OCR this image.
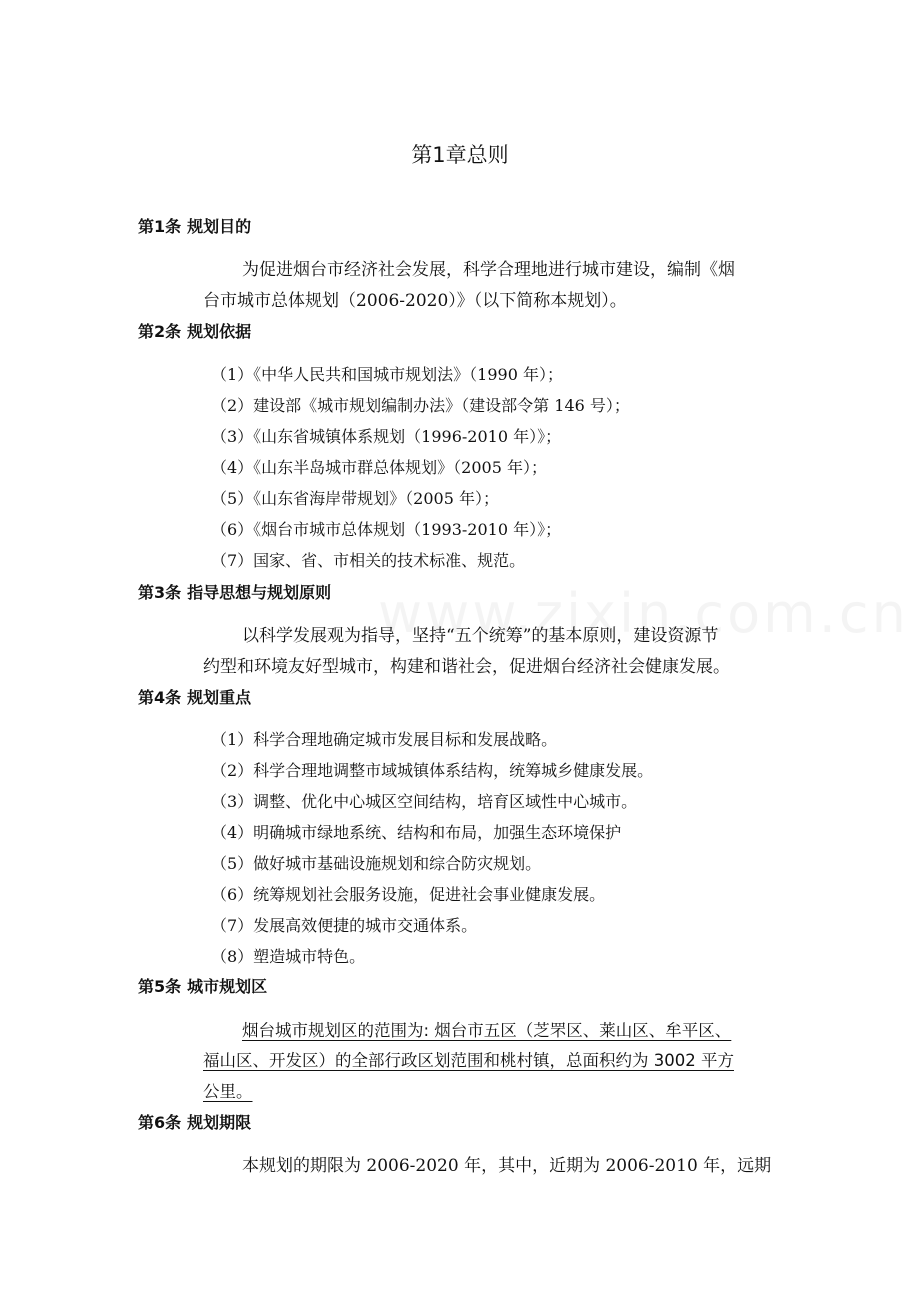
第1章总则
第1条 规划目的
为促进烟台市经济社会发展，科学合理地进行城市建设，编制《烟
台市城市总体规划（2006-2020）》（以下简称本规划）。
第2条 规划依据
（1）《中华人民共和国城市规划法》（1990 年）；
（2）建设部《城市规划编制办法》（建设部令第 146 号）；
（3）《山东省城镇体系规划（1996-2010 年）》；
（4）《山东半岛城市群总体规划》（2005 年）；
（5）《山东省海岸带规划》（2005 年）；
（6）《烟台市城市总体规划（1993-2010 年）》；
（7）国家、省、市相关的技术标准、规范。
第3条 指导思想与规划原则
以科学发展观为指导，坚持“五个统筹”的基本原则，建设资源节
约型和环境友好型城市，构建和谐社会，促进烟台经济社会健康发展。
第4条 规划重点
（1）科学合理地确定城市发展目标和发展战略。
（2）科学合理地调整市域城镇体系结构，统筹城乡健康发展。
（3）调整、优化中心城区空间结构，培育区域性中心城市。
（4）明确城市绿地系统、结构和布局，加强生态环境保护
（5）做好城市基础设施规划和综合防灾规划。
（6）统筹规划社会服务设施，促进社会事业健康发展。
（7）发展高效便捷的城市交通体系。
（8）塑造城市特色。
第5条 城市规划区
烟台城市规划区的范围为: 烟台市五区（芝罘区、莱山区、牟平区、
福山区、开发区）的全部行政区划范围和桃村镇，总面积约为 3002 平方
公里。
第6条 规划期限
本规划的期限为 2006-2020 年，其中，近期为 2006-2010 年，远期
